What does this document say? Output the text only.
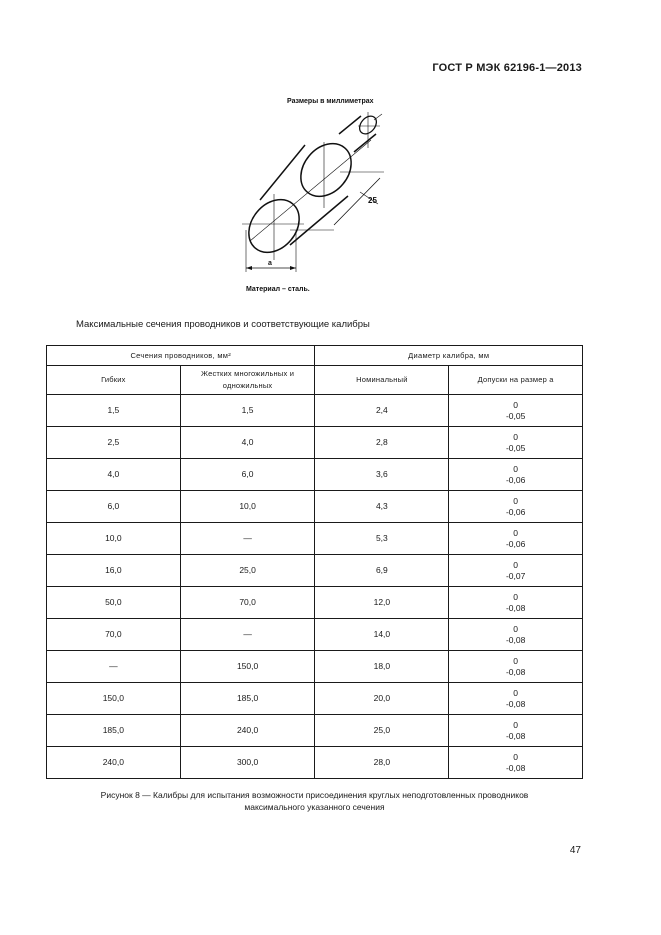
ГОСТ Р МЭК 62196-1—2013
Размеры в миллиметрах
25
a
Материал – сталь.
Максимальные сечения проводников и соответствующие калибры
Сечения проводников, мм²		Диаметр калибра, мм	
Гибких	Жестких многожильных и одножильных	Номинальный	Допуски на размер a
1,5	1,5	2,4	0
-0,05

2,5	4,0	2,8	0
-0,05

4,0	6,0	3,6	0
-0,06

6,0	10,0	4,3	0
-0,06

10,0	—	5,3	0
-0,06

16,0	25,0	6,9	0
-0,07

50,0	70,0	12,0	0
-0,08

70,0	—	14,0	0
-0,08

—	150,0	18,0	0
-0,08

150,0	185,0	20,0	0
-0,08

185,0	240,0	25,0	0
-0,08

240,0	300,0	28,0	0
-0,08
Рисунок 8 — Калибры для испытания возможности присоединения круглых неподготовленных проводников
максимального указанного сечения
47
